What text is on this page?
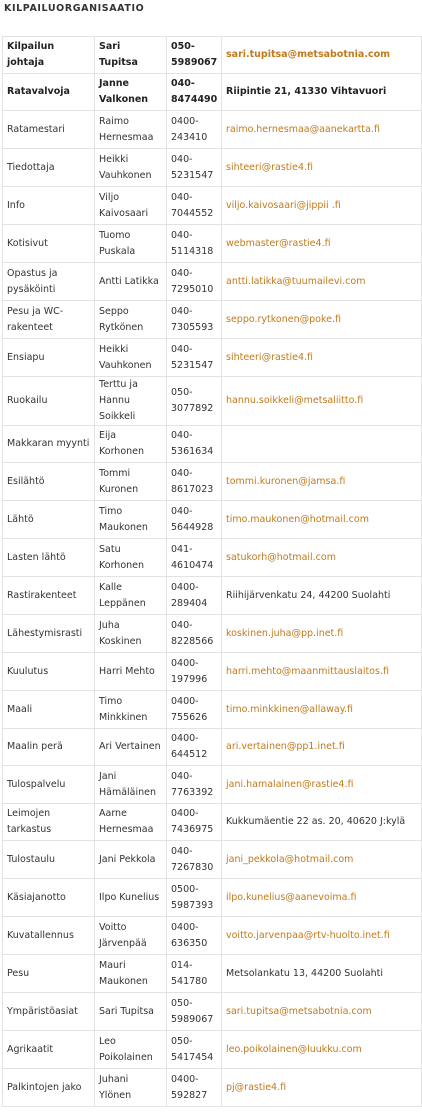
KILPAILUORGANISAATIO
Kilpailun johtaja	Sari Tupitsa	050-5989067	sari.tupitsa@metsabotnia.com
Ratavalvoja	Janne Valkonen	040-8474490	Riipintie 21, 41330 Vihtavuori
Ratamestari	Raimo Hernesmaa	0400-243410	raimo.hernesmaa@aanekartta.fi
Tiedottaja	Heikki Vauhkonen	040-5231547	sihteeri@rastie4.fi
Info	Viljo Kaivosaari	040-7044552	viljo.kaivosaari@jippii .fi
Kotisivut	Tuomo Puskala	040-5114318	webmaster@rastie4.fi
Opastus ja pysäköinti	Antti Latikka	040-7295010	antti.latikka@tuumailevi.com
Pesu ja WC-rakenteet	Seppo Rytkönen	040-7305593	seppo.rytkonen@poke.fi
Ensiapu	Heikki Vauhkonen	040-5231547	sihteeri@rastie4.fi
Ruokailu	Terttu ja Hannu Soikkeli	050-3077892	hannu.soikkeli@metsaliitto.fi
Makkaran myynti	Eija Korhonen	040-5361634	
Esilähtö	Tommi Kuronen	040-8617023	tommi.kuronen@jamsa.fi
Lähtö	Timo Maukonen	040-5644928	timo.maukonen@hotmail.com
Lasten lähtö	Satu Korhonen	041-4610474	satukorh@hotmail.com
Rastirakenteet	Kalle Leppänen	0400-289404	Riihijärvenkatu 24, 44200 Suolahti
Lähestymisrasti	Juha Koskinen	040-8228566	koskinen.juha@pp.inet.fi
Kuulutus	Harri Mehto	0400-197996	harri.mehto@maanmittauslaitos.fi
Maali	Timo Minkkinen	0400-755626	timo.minkkinen@allaway.fi
Maalin perä	Ari Vertainen	0400-644512	ari.vertainen@pp1.inet.fi
Tulospalvelu	Jani Hämäläinen	040-7763392	jani.hamalainen@rastie4.fi
Leimojen tarkastus	Aarne Hernesmaa	0400-7436975	Kukkumäentie 22 as. 20, 40620 J:kylä
Tulostaulu	Jani Pekkola	040-7267830	jani_pekkola@hotmail.com
Käsiajanotto	Ilpo Kunelius	0500-5987393	ilpo.kunelius@aanevoima.fi
Kuvatallennus	Voitto Järvenpää	0400-636350	voitto.jarvenpaa@rtv-huolto.inet.fi
Pesu	Mauri Maukonen	014-541780	Metsolankatu 13, 44200 Suolahti
Ympäristöasiat	Sari Tupitsa	050-5989067	sari.tupitsa@metsabotnia.com
Agrikaatit	Leo Poikolainen	050-5417454	leo.poikolainen@luukku.com
Palkintojen jako	Juhani Ylönen	0400-592827	pj@rastie4.fi
